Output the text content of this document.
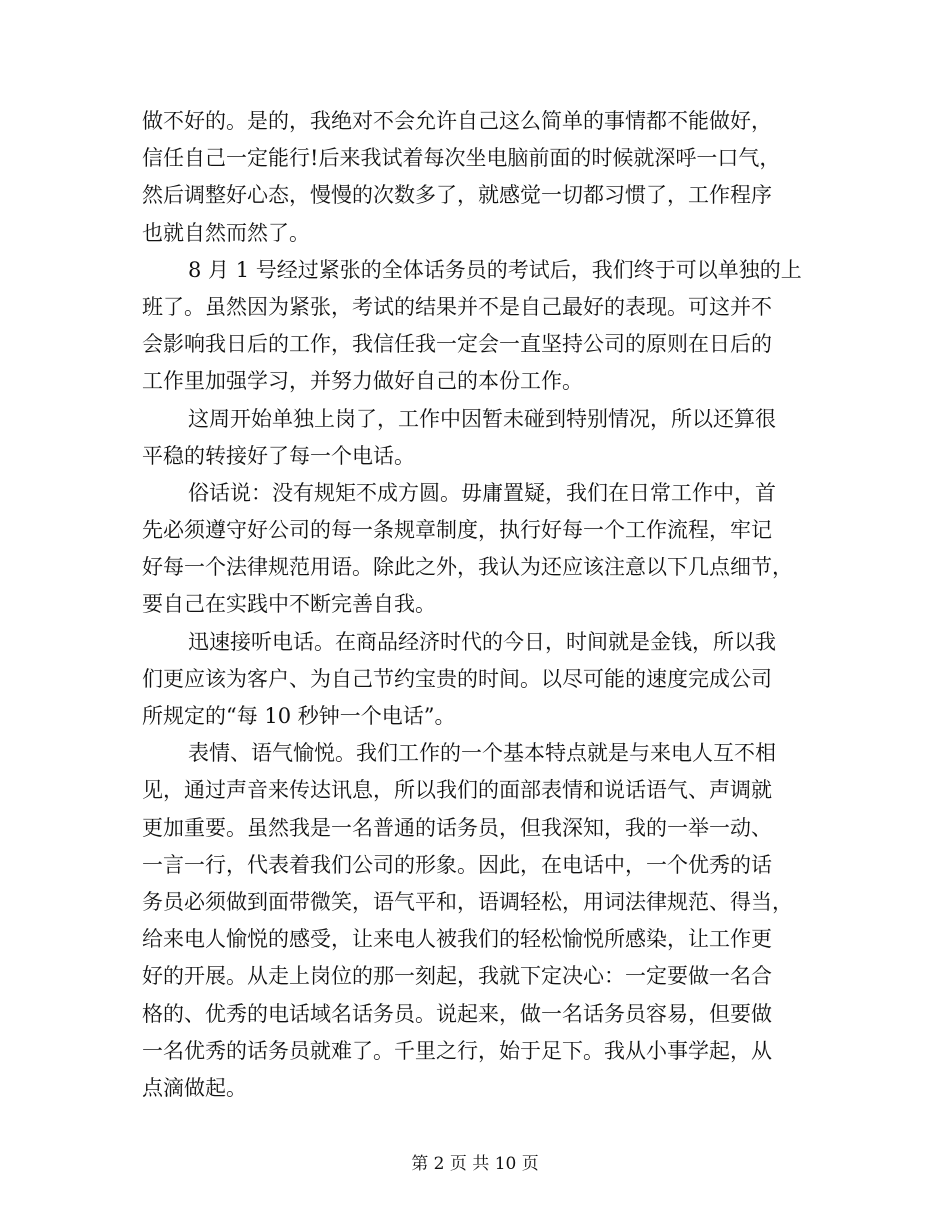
做不好的。是的，我绝对不会允许自己这么简单的事情都不能做好，
信任自己一定能行!后来我试着每次坐电脑前面的时候就深呼一口气，
然后调整好心态，慢慢的次数多了，就感觉一切都习惯了，工作程序
也就自然而然了。
8 月 1 号经过紧张的全体话务员的考试后，我们终于可以单独的上
班了。虽然因为紧张，考试的结果并不是自己最好的表现。可这并不
会影响我日后的工作，我信任我一定会一直坚持公司的原则在日后的
工作里加强学习，并努力做好自己的本份工作。
这周开始单独上岗了，工作中因暂未碰到特别情况，所以还算很
平稳的转接好了每一个电话。
俗话说：没有规矩不成方圆。毋庸置疑，我们在日常工作中，首
先必须遵守好公司的每一条规章制度，执行好每一个工作流程，牢记
好每一个法律规范用语。除此之外，我认为还应该注意以下几点细节，
要自己在实践中不断完善自我。
迅速接听电话。在商品经济时代的今日，时间就是金钱，所以我
们更应该为客户、为自己节约宝贵的时间。以尽可能的速度完成公司
所规定的“每 10 秒钟一个电话”。
表情、语气愉悦。我们工作的一个基本特点就是与来电人互不相
见，通过声音来传达讯息，所以我们的面部表情和说话语气、声调就
更加重要。虽然我是一名普通的话务员，但我深知，我的一举一动、
一言一行，代表着我们公司的形象。因此，在电话中，一个优秀的话
务员必须做到面带微笑，语气平和，语调轻松，用词法律规范、得当，
给来电人愉悦的感受，让来电人被我们的轻松愉悦所感染，让工作更
好的开展。从走上岗位的那一刻起，我就下定决心：一定要做一名合
格的、优秀的电话域名话务员。说起来，做一名话务员容易，但要做
一名优秀的话务员就难了。千里之行，始于足下。我从小事学起，从
点滴做起。
第 2 页 共 10 页
